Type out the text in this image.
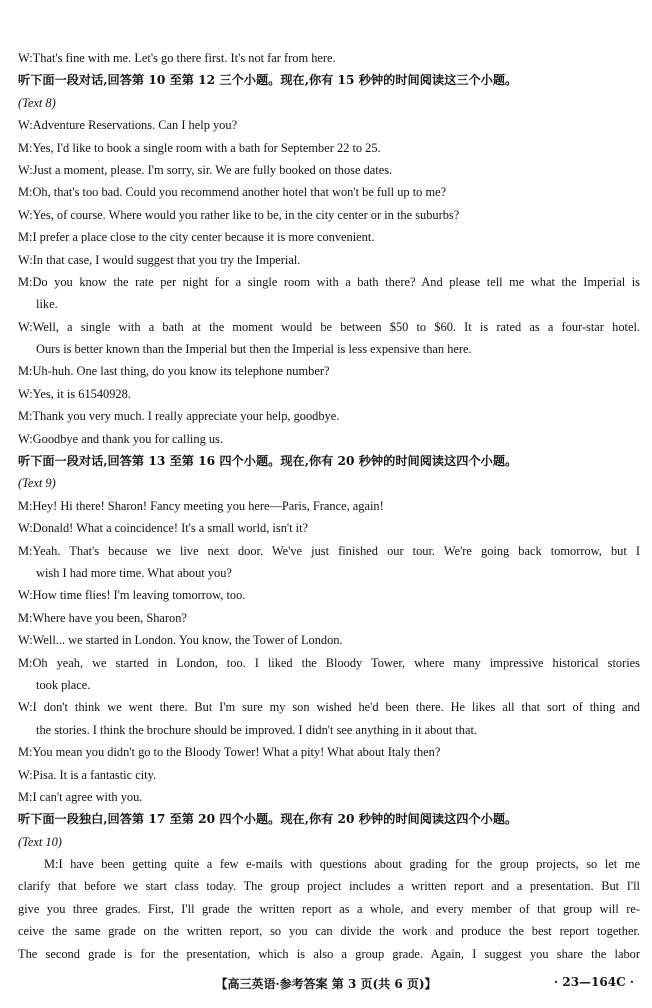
W:That's fine with me. Let's go there first. It's not far from here.
听下面一段对话,回答第 10 至第 12 三个小题。现在,你有 15 秒钟的时间阅读这三个小题。
(Text 8)
W:Adventure Reservations. Can I help you?
M:Yes, I'd like to book a single room with a bath for September 22 to 25.
W:Just a moment, please. I'm sorry, sir. We are fully booked on those dates.
M:Oh, that's too bad. Could you recommend another hotel that won't be full up to me?
W:Yes, of course. Where would you rather like to be, in the city center or in the suburbs?
M:I prefer a place close to the city center because it is more convenient.
W:In that case, I would suggest that you try the Imperial.
M:Do you know the rate per night for a single room with a bath there? And please tell me what the Imperial is
like.
W:Well, a single with a bath at the moment would be between $50 to $60. It is rated as a four-star hotel.
Ours is better known than the Imperial but then the Imperial is less expensive than here.
M:Uh-huh. One last thing, do you know its telephone number?
W:Yes, it is 61540928.
M:Thank you very much. I really appreciate your help, goodbye.
W:Goodbye and thank you for calling us.
听下面一段对话,回答第 13 至第 16 四个小题。现在,你有 20 秒钟的时间阅读这四个小题。
(Text 9)
M:Hey! Hi there! Sharon! Fancy meeting you here—Paris, France, again!
W:Donald! What a coincidence! It's a small world, isn't it?
M:Yeah. That's because we live next door. We've just finished our tour. We're going back tomorrow, but I
wish I had more time. What about you?
W:How time flies! I'm leaving tomorrow, too.
M:Where have you been, Sharon?
W:Well... we started in London. You know, the Tower of London.
M:Oh yeah, we started in London, too. I liked the Bloody Tower, where many impressive historical stories
took place.
W:I don't think we went there. But I'm sure my son wished he'd been there. He likes all that sort of thing and
the stories. I think the brochure should be improved. I didn't see anything in it about that.
M:You mean you didn't go to the Bloody Tower! What a pity! What about Italy then?
W:Pisa. It is a fantastic city.
M:I can't agree with you.
听下面一段独白,回答第 17 至第 20 四个小题。现在,你有 20 秒钟的时间阅读这四个小题。
(Text 10)
M:I have been getting quite a few e-mails with questions about grading for the group projects, so let me
clarify that before we start class today. The group project includes a written report and a presentation. But I'll
give you three grades. First, I'll grade the written report as a whole, and every member of that group will re-
ceive the same grade on the written report, so you can divide the work and produce the best report together.
The second grade is for the presentation, which is also a group grade. Again, I suggest you share the labor
【高三英语·参考答案 第 3 页(共 6 页)】	· 23—164C ·
